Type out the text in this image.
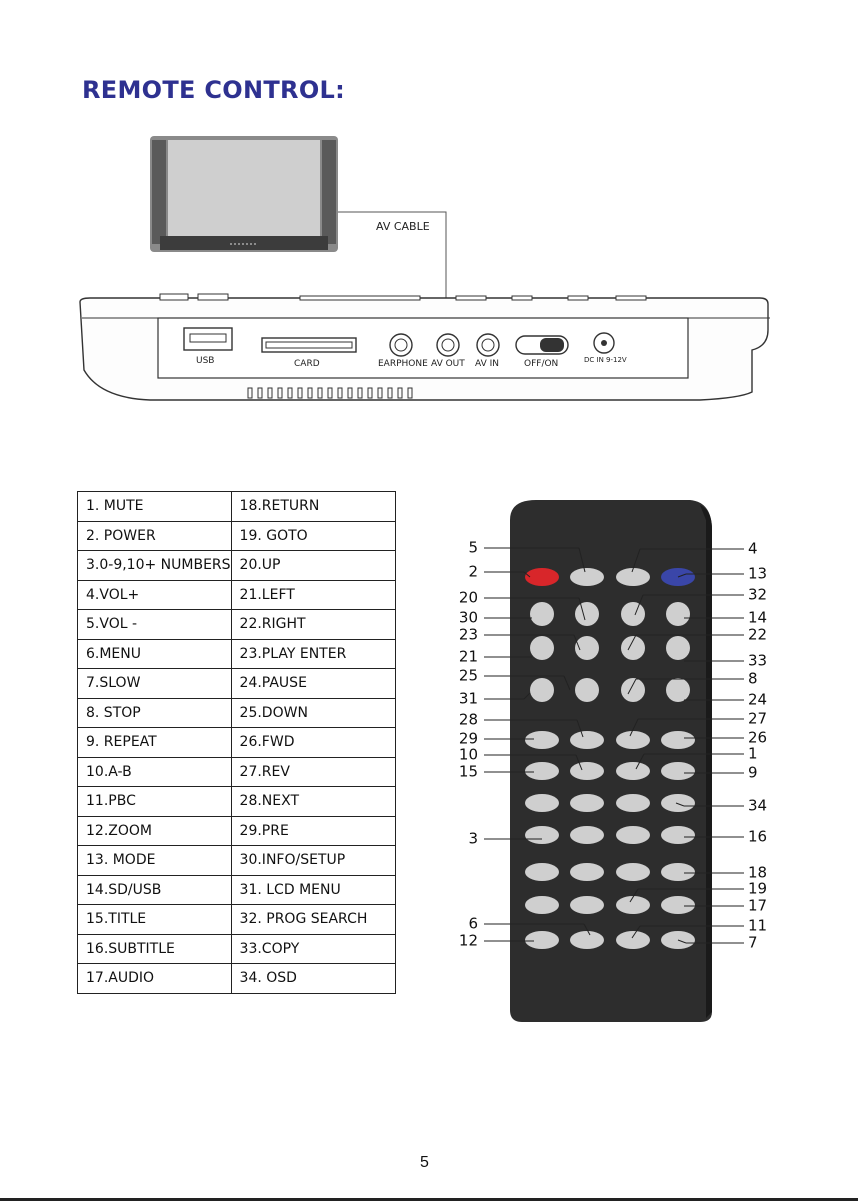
REMOTE CONTROL:
AV CABLE
USB	CARD	EARPHONE AV OUT AV IN	OFF/ON	DC IN 9-12V
1. MUTE	18.RETURN
2. POWER	19. GOTO
3.0-9,10+ NUMBERS	20.UP
4.VOL+	21.LEFT
5.VOL -	22.RIGHT
6.MENU	23.PLAY ENTER
7.SLOW	24.PAUSE
8. STOP	25.DOWN
9. REPEAT	26.FWD
10.A-B	27.REV
11.PBC	28.NEXT
12.ZOOM	29.PRE
13. MODE	30.INFO/SETUP
14.SD/USB	31. LCD MENU
15.TITLE	32. PROG SEARCH
16.SUBTITLE	33.COPY
17.AUDIO	34. OSD
5
2
20
30
23
21
25
31
28
29
10
15
3
6
12
4
13
32
14
22
33
8
24
27
26
1
9
34
16
18
19
17
11
7
5
